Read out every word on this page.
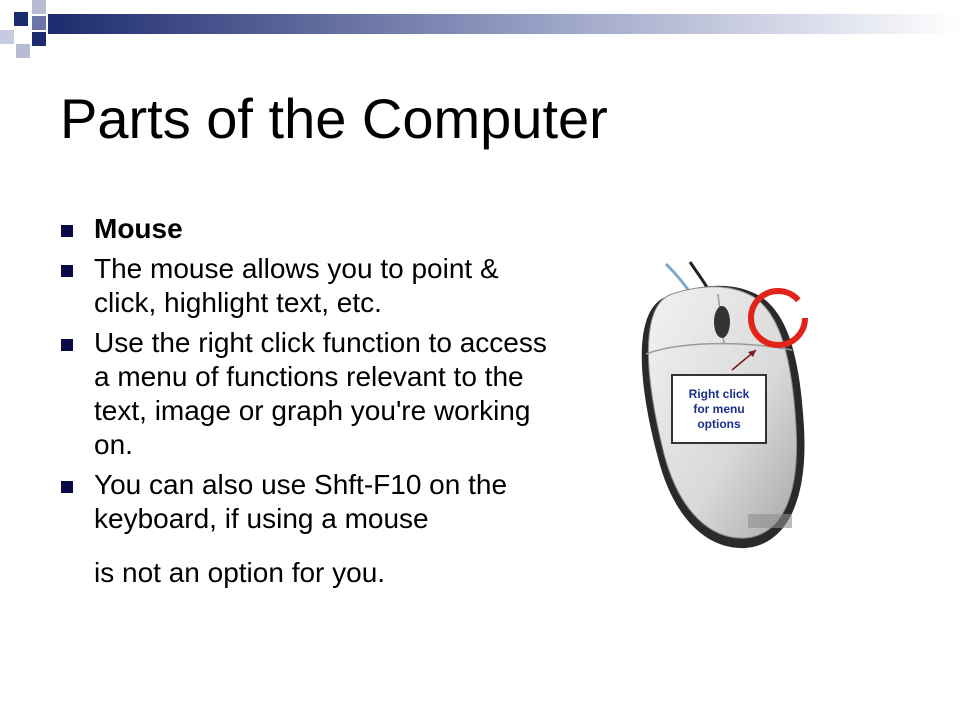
Parts of the Computer
Mouse
The mouse allows you to point & click, highlight text, etc.
Use the right click function to access a menu of functions relevant to the text, image or graph you're working on.
You can also use Shft-F10 on the keyboard, if using a mouse
is not an option for you.
Right click
for menu
options
